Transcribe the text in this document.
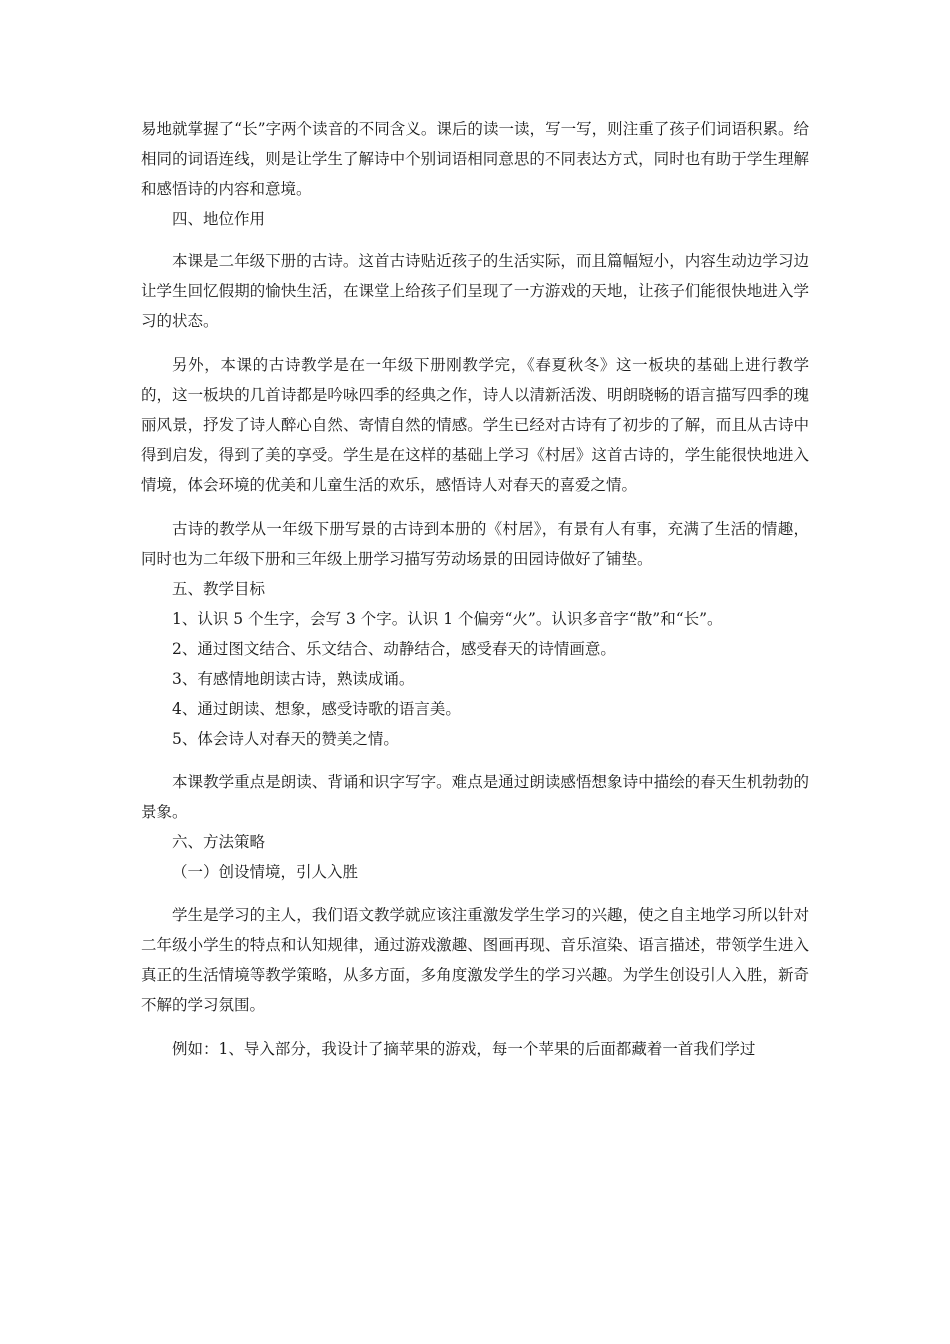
易地就掌握了“长”字两个读音的不同含义。课后的读一读，写一写，则注重了孩子们词语积累。给相同的词语连线，则是让学生了解诗中个别词语相同意思的不同表达方式，同时也有助于学生理解和感悟诗的内容和意境。

四、地位作用

本课是二年级下册的古诗。这首古诗贴近孩子的生活实际，而且篇幅短小，内容生动边学习边让学生回忆假期的愉快生活，在课堂上给孩子们呈现了一方游戏的天地，让孩子们能很快地进入学习的状态。

另外，本课的古诗教学是在一年级下册刚教学完，《春夏秋冬》这一板块的基础上进行教学的，这一板块的几首诗都是吟咏四季的经典之作，诗人以清新活泼、明朗晓畅的语言描写四季的瑰丽风景，抒发了诗人醉心自然、寄情自然的情感。学生已经对古诗有了初步的了解，而且从古诗中得到启发，得到了美的享受。学生是在这样的基础上学习《村居》这首古诗的，学生能很快地进入情境，体会环境的优美和儿童生活的欢乐，感悟诗人对春天的喜爱之情。

古诗的教学从一年级下册写景的古诗到本册的《村居》，有景有人有事，充满了生活的情趣，同时也为二年级下册和三年级上册学习描写劳动场景的田园诗做好了铺垫。

五、教学目标

1、认识 5 个生字，会写 3 个字。认识 1 个偏旁“火”。认识多音字“散”和“长”。

2、通过图文结合、乐文结合、动静结合，感受春天的诗情画意。

3、有感情地朗读古诗，熟读成诵。

4、通过朗读、想象，感受诗歌的语言美。

5、体会诗人对春天的赞美之情。

本课教学重点是朗读、背诵和识字写字。难点是通过朗读感悟想象诗中描绘的春天生机勃勃的景象。

六、方法策略

（一）创设情境，引人入胜

学生是学习的主人，我们语文教学就应该注重激发学生学习的兴趣，使之自主地学习所以针对二年级小学生的特点和认知规律，通过游戏激趣、图画再现、音乐渲染、语言描述，带领学生进入真正的生活情境等教学策略，从多方面，多角度激发学生的学习兴趣。为学生创设引人入胜，新奇不解的学习氛围。

例如：1、导入部分，我设计了摘苹果的游戏，每一个苹果的后面都藏着一首我们学过
